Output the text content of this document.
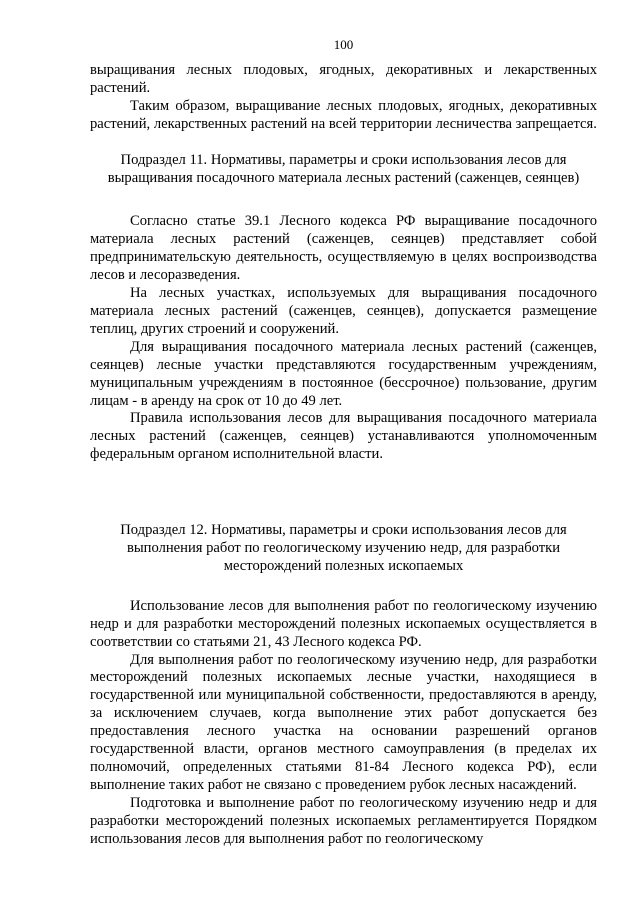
100

выращивания лесных плодовых, ягодных, декоративных и лекарственных растений.

Таким образом, выращивание лесных плодовых, ягодных, декоративных растений, лекарственных растений на всей территории лесничества запрещается.

Подраздел 11. Нормативы, параметры и сроки использования лесов для выращивания посадочного материала лесных растений (саженцев, сеянцев)

Согласно статье 39.1 Лесного кодекса РФ выращивание посадочного материала лесных растений (саженцев, сеянцев) представляет собой предпринимательскую деятельность, осуществляемую в целях воспроизводства лесов и лесоразведения.

На лесных участках, используемых для выращивания посадочного материала лесных растений (саженцев, сеянцев), допускается размещение теплиц, других строений и сооружений.

Для выращивания посадочного материала лесных растений (саженцев, сеянцев) лесные участки представляются государственным учреждениям, муниципальным учреждениям в постоянное (бессрочное) пользование, другим лицам - в аренду на срок от 10 до 49 лет.

Правила использования лесов для выращивания посадочного материала лесных растений (саженцев, сеянцев) устанавливаются уполномоченным федеральным органом исполнительной власти.

Подраздел 12. Нормативы, параметры и сроки использования лесов для выполнения работ по геологическому изучению недр, для разработки месторождений полезных ископаемых

Использование лесов для выполнения работ по геологическому изучению недр и для разработки месторождений полезных ископаемых осуществляется в соответствии со статьями 21, 43 Лесного кодекса РФ.

Для выполнения работ по геологическому изучению недр, для разработки месторождений полезных ископаемых лесные участки, находящиеся в государственной или муниципальной собственности, предоставляются в аренду, за исключением случаев, когда выполнение этих работ допускается без предоставления лесного участка на основании разрешений органов государственной власти, органов местного самоуправления (в пределах их полномочий, определенных статьями 81-84 Лесного кодекса РФ), если выполнение таких работ не связано с проведением рубок лесных насаждений.

Подготовка и выполнение работ по геологическому изучению недр и для разработки месторождений полезных ископаемых регламентируется Порядком использования лесов для выполнения работ по геологическому
